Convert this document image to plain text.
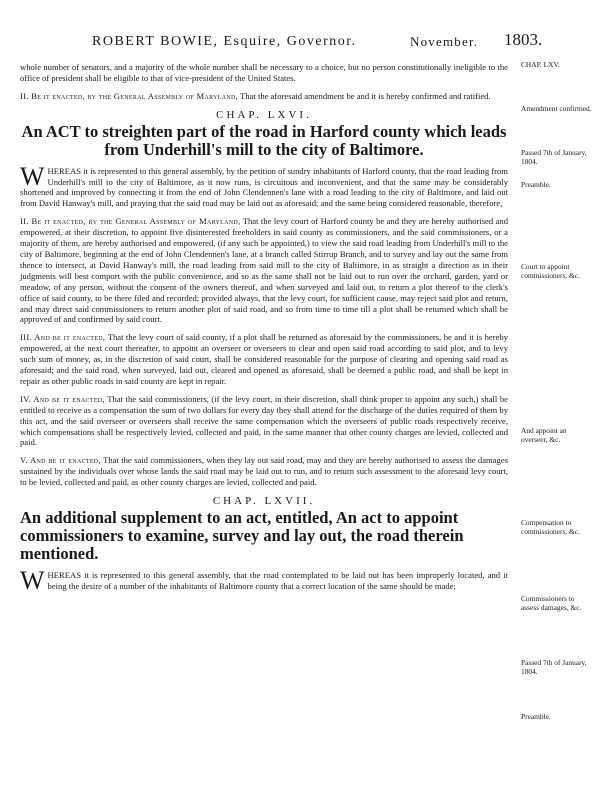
ROBERT BOWIE, Esquire, Governor.	November. 1803.

whole number of senators, and a majority of the whole number shall be necessary to a choice, but no person constitutionally ineligible to the office of president shall be eligible to that of vice-president of the United States.

II. Be it enacted, by the General Assembly of Maryland, That the aforesaid amendment be and it is hereby confirmed and ratified.

CHAP. LXVI.

An ACT to streighten part of the road in Harford county which leads from Underhill's mill to the city of Baltimore.

WHEREAS it is represented to this general assembly, by the petition of sundry inhabitants of Harford county, that the road leading from Underhill's mill to the city of Baltimore, as it now runs, is circuitous and inconvenient, and that the same may be considerably shortened and improved by connecting it from the end of John Clendennen's lane with a road leading to the city of Baltimore, and laid out from David Hanway's mill, and praying that the said road may be laid out as aforesaid; and the same being considered reasonable, therefore,

II. Be it enacted, by the General Assembly of Maryland, That the levy court of Harford county be and they are hereby authorised and empowered, at their discretion, to appoint five disinterested freeholders in said county as commissioners, and the said commissioners, or a majority of them, are hereby authorised and empowered, (if any such be appointed,) to view the said road leading from Underhill's mill to the city of Baltimore, beginning at the end of John Clendennen's lane, at a branch called Stirrup Branch, and to survey and lay out the same from thence to intersect, at David Hanway's mill, the road leading from said mill to the city of Baltimore, in as straight a direction as in their judgments will best comport with the public convenience, and so as the same shall not be laid out to run over the orchard, garden, yard or meadow, of any person, without the consent of the owners thereof, and when surveyed and laid out, to return a plot thereof to the clerk's office of said county, to be there filed and recorded; provided always, that the levy court, for sufficient cause, may reject said plot and return, and may direct said commissioners to return another plot of said road, and so from time to time till a plot shall be returned which shall be approved of and confirmed by said court.

III. And be it enacted, That the levy court of said county, if a plot shall be returned as aforesaid by the commissioners, be and it is hereby empowered, at the next court thereafter, to appoint an overseer or overseers to clear and open said road according to said plot, and to levy such sum of money, as, in the discretion of said court, shall be considered reasonable for the purpose of clearing and opening said road as aforesaid; and the said road, when surveyed, laid out, cleared and opened as aforesaid, shall be deemed a public road, and shall be kept in repair as other public roads in said county are kept in repair.

IV. And be it enacted, That the said commissioners, (if the levy court, in their discretion, shall think proper to appoint any such,) shall be entitled to receive as a compensation the sum of two dollars for every day they shall attend for the discharge of the duties required of them by this act, and the said overseer or overseers shall receive the same compensation which the overseers of public roads respectively receive, which compensations shall be respectively levied, collected and paid, in the same manner that other county charges are levied, collected and paid.

V. And be it enacted, That the said commissioners, when they lay out said road, may and they are hereby authorised to assess the damages sustained by the individuals over whose lands the said road may be laid out to run, and to return such assessment to the aforesaid levy court, to be levied, collected and paid, as other county charges are levied, collected and paid.

CHAP. LXVII.

An additional supplement to an act, entitled, An act to appoint commissioners to examine, survey and lay out, the road therein mentioned.

WHEREAS it is represented to this general assembly, that the road contemplated to be laid out has been improperly located, and it being the desire of a number of the inhabitants of Baltimore county that a correct location of the same should be made;

CHAP. LXV.
Amendment confirmed.
Passed 7th of January, 1804.
Preamble.
Court to appoint commissioners, &c.
And appoint an overseer, &c.
Compensation to commissioners, &c.
Commissioners to assess damages, &c.
Passed 7th of January, 1804.
Preamble.
